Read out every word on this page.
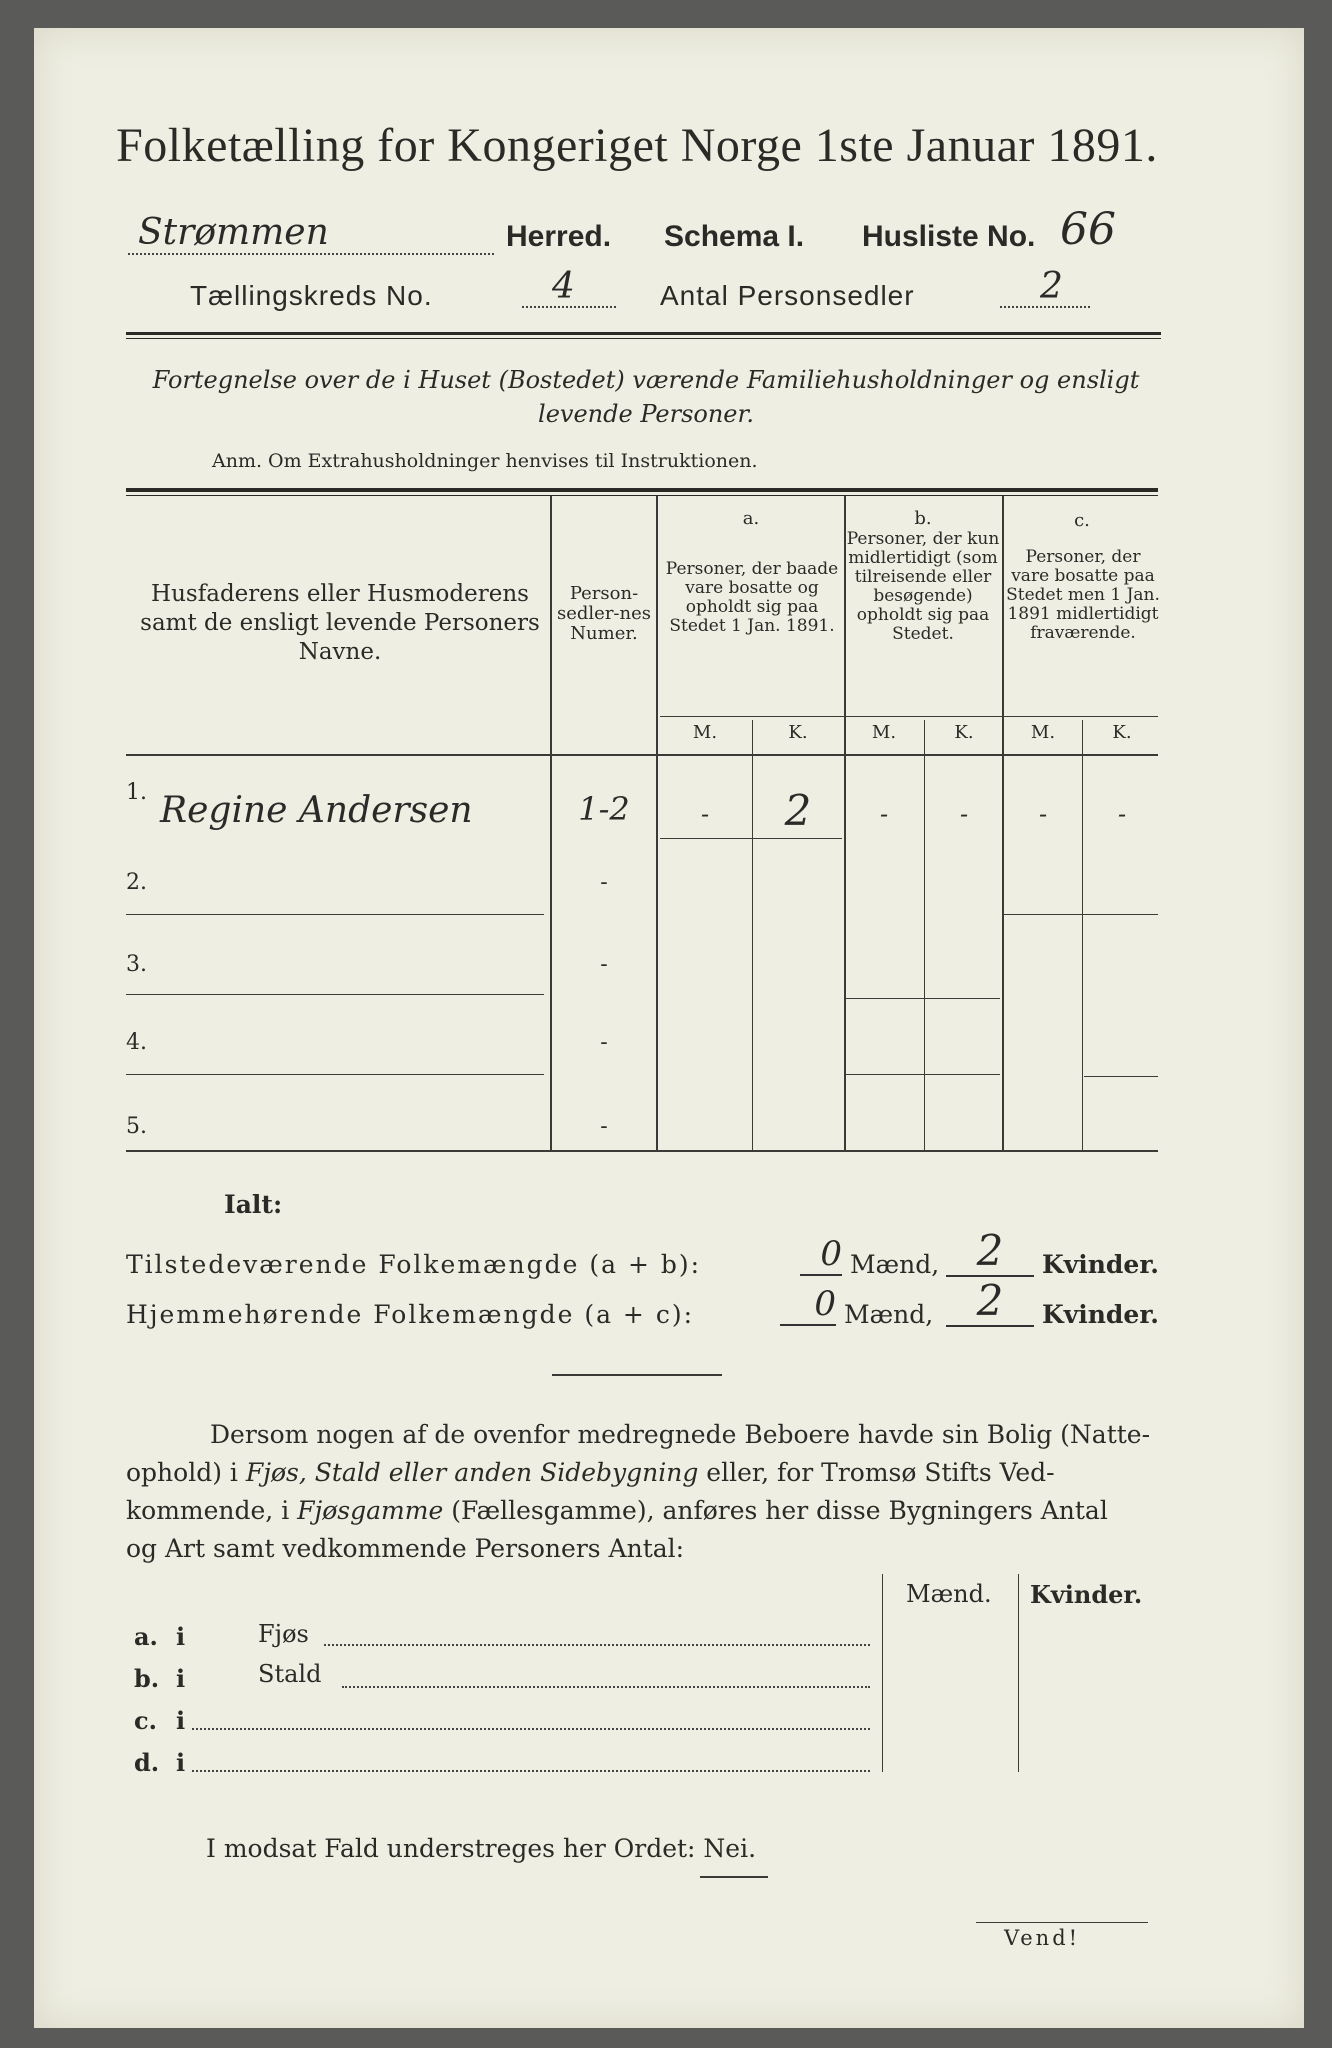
Folketælling for Kongeriget Norge 1ste Januar 1891.
Strømmen	Herred. Schema I. Husliste No. 66
Tællingskreds No.	4	Antal Personsedler	2
Fortegnelse over de i Huset (Bostedet) værende Familiehusholdninger og ensligt
levende Personer.
Anm. Om Extrahusholdninger henvises til Instruktionen.
Husfaderens eller Husmoderens samt de ensligt levende Personers Navne.
Person-sedler-nes Numer.
a.
Personer, der baade vare bosatte og opholdt sig paa Stedet 1 Jan. 1891.
b.
Personer, der kun midlertidigt (som tilreisende eller besøgende) opholdt sig paa Stedet.
c.
Personer, der vare bosatte paa Stedet men 1 Jan. 1891 midlertidigt fraværende.
M.	K.	M.	K.	M.	K.
1. Regine Andersen	1-2	-	2	-	-	-	-
2.	-
3.	-
4.	-
5.	-
Ialt:
Tilstedeværende Folkemængde (a + b):	0 Mænd, 2	Kvinder.
Hjemmehørende Folkemængde (a + c):	0 Mænd,	2	Kvinder.
Dersom nogen af de ovenfor medregnede Beboere havde sin Bolig (Natte-
ophold) i Fjøs, Stald eller anden Sidebygning eller, for Tromsø Stifts Ved-
kommende, i Fjøsgamme (Fællesgamme), anføres her disse Bygningers Antal
og Art samt vedkommende Personers Antal:
Mænd. Kvinder.
a. i	Fjøs
b. i	Stald
c. i
d. i
I modsat Fald understreges her Ordet: Nei.
Vend!
